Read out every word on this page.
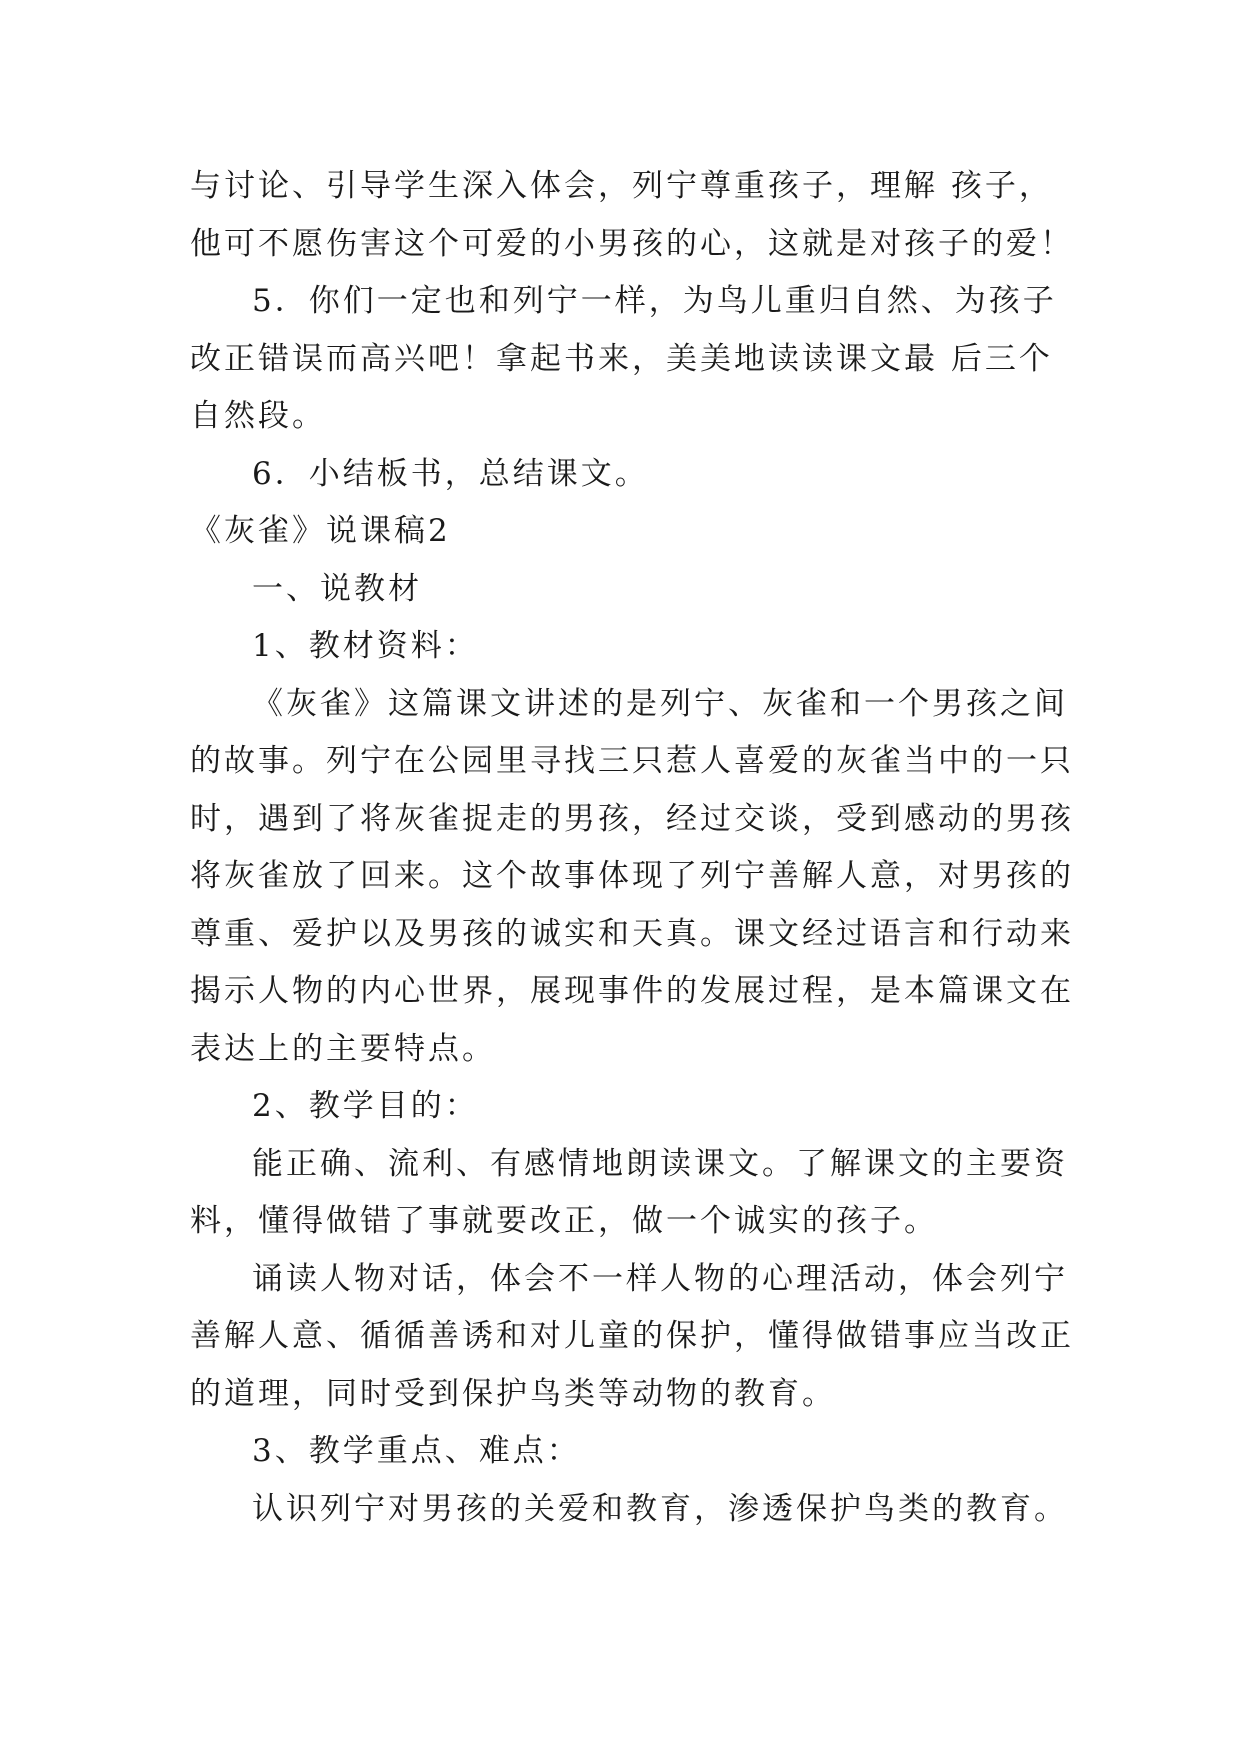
与讨论、引导学生深入体会，列宁尊重孩子，理解 孩子，
他可不愿伤害这个可爱的小男孩的心，这就是对孩子的爱！
5．你们一定也和列宁一样，为鸟儿重归自然、为孩子
改正错误而高兴吧！拿起书来，美美地读读课文最 后三个
自然段。
6．小结板书，总结课文。
《灰雀》说课稿2
一、说教材
1、教材资料：
《灰雀》这篇课文讲述的是列宁、灰雀和一个男孩之间
的故事。列宁在公园里寻找三只惹人喜爱的灰雀当中的一只
时，遇到了将灰雀捉走的男孩，经过交谈，受到感动的男孩
将灰雀放了回来。这个故事体现了列宁善解人意，对男孩的
尊重、爱护以及男孩的诚实和天真。课文经过语言和行动来
揭示人物的内心世界，展现事件的发展过程，是本篇课文在
表达上的主要特点。
2、教学目的：
能正确、流利、有感情地朗读课文。了解课文的主要资
料，懂得做错了事就要改正，做一个诚实的孩子。
诵读人物对话，体会不一样人物的心理活动，体会列宁
善解人意、循循善诱和对儿童的保护，懂得做错事应当改正
的道理，同时受到保护鸟类等动物的教育。
3、教学重点、难点：
认识列宁对男孩的关爱和教育，渗透保护鸟类的教育。
